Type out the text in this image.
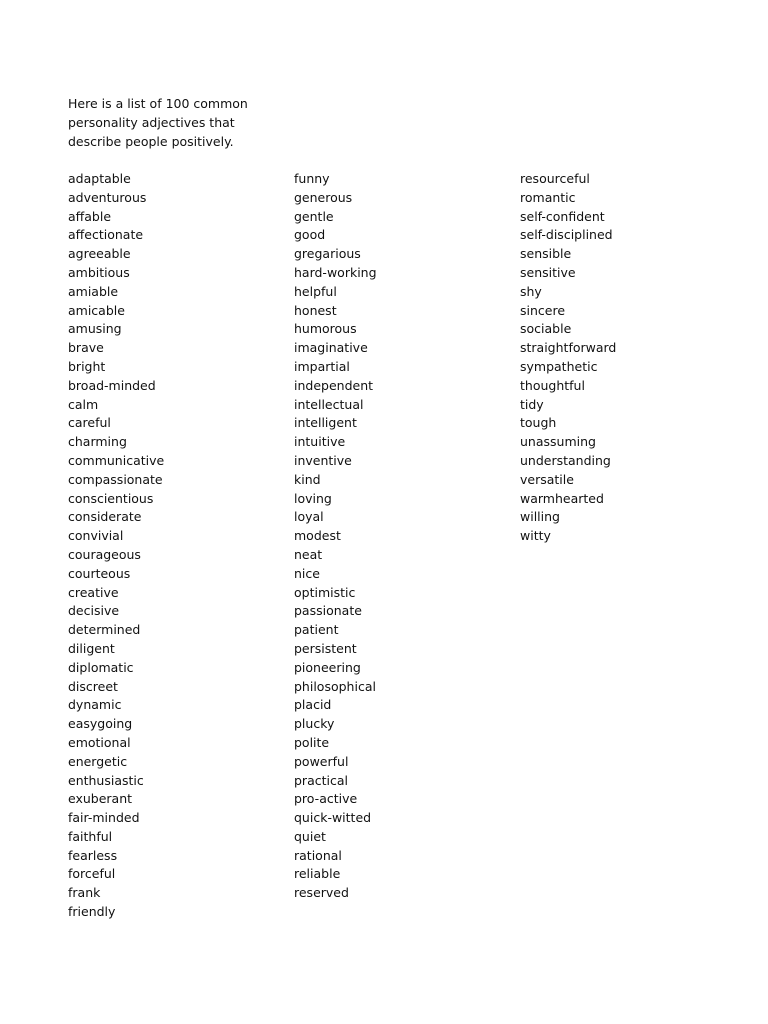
Here is a list of 100 common
personality adjectives that
describe people positively.

adaptable
adventurous
affable
affectionate
agreeable
ambitious
amiable
amicable
amusing
brave
bright
broad-minded
calm
careful
charming
communicative
compassionate
conscientious
considerate
convivial
courageous
courteous
creative
decisive
determined
diligent
diplomatic
discreet
dynamic
easygoing
emotional
energetic
enthusiastic
exuberant
fair-minded
faithful
fearless
forceful
frank
friendly
funny
generous
gentle
good
gregarious
hard-working
helpful
honest
humorous
imaginative
impartial
independent
intellectual
intelligent
intuitive
inventive
kind
loving
loyal
modest
neat
nice
optimistic
passionate
patient
persistent
pioneering
philosophical
placid
plucky
polite
powerful
practical
pro-active
quick-witted
quiet
rational
reliable
reserved
resourceful
romantic
self-confident
self-disciplined
sensible
sensitive
shy
sincere
sociable
straightforward
sympathetic
thoughtful
tidy
tough
unassuming
understanding
versatile
warmhearted
willing
witty
